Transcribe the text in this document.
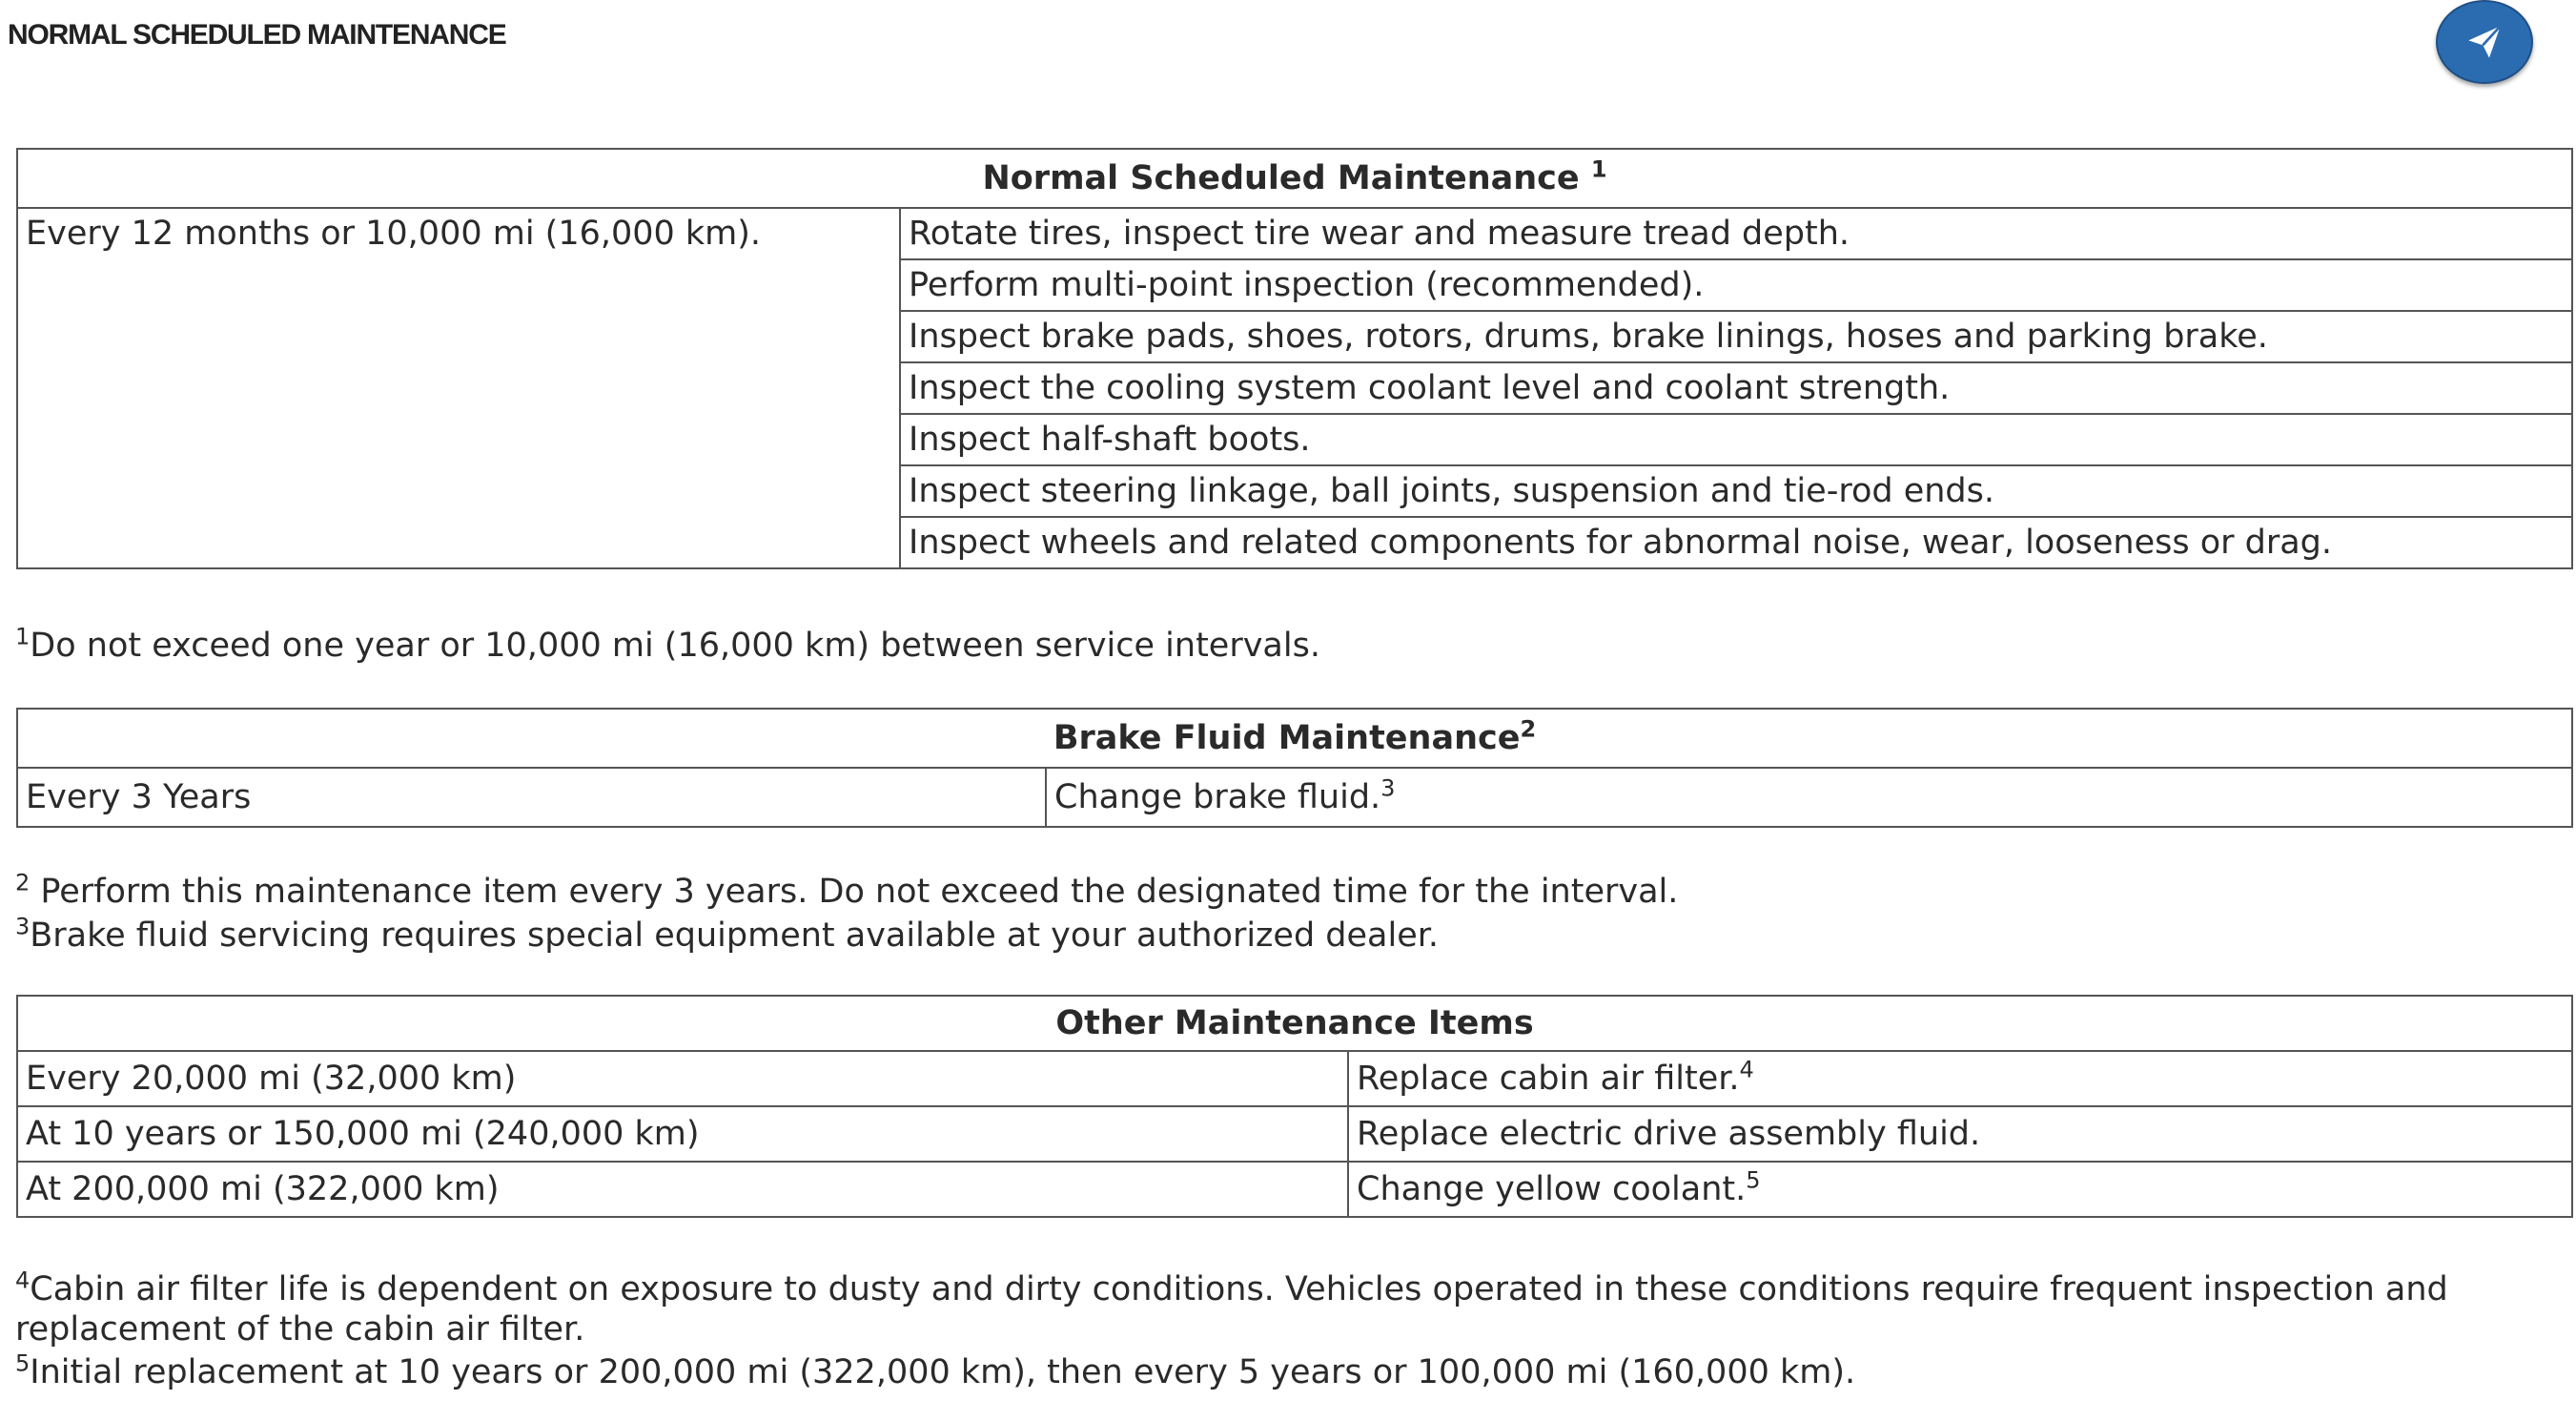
NORMAL SCHEDULED MAINTENANCE
Normal Scheduled Maintenance $^1$
Every 12 months or 10,000 mi (16,000 km).	Rotate tires, inspect tire wear and measure tread depth.
Perform multi-point inspection (recommended).
Inspect brake pads, shoes, rotors, drums, brake linings, hoses and parking brake.
Inspect the cooling system coolant level and coolant strength.
Inspect half-shaft boots.
Inspect steering linkage, ball joints, suspension and tie-rod ends.
Inspect wheels and related components for abnormal noise, wear, looseness or drag.

$^1$Do not exceed one year or 10,000 mi (16,000 km) between service intervals.

Brake Fluid Maintenance$^2$
Every 3 Years	Change brake fluid.$^3$

$^2$ Perform this maintenance item every 3 years. Do not exceed the designated time for the interval.

$^3$Brake fluid servicing requires special equipment available at your authorized dealer.

Other Maintenance Items	
Every 20,000 mi (32,000 km)	Replace cabin air filter.$^4$
At 10 years or 150,000 mi (240,000 km)	Replace electric drive assembly fluid.
At 200,000 mi (322,000 km)	Change yellow coolant.$^5$

$^4$Cabin air filter life is dependent on exposure to dusty and dirty conditions. Vehicles operated in these conditions require frequent inspection and replacement of the cabin air filter.

$^5$Initial replacement at 10 years or 200,000 mi (322,000 km), then every 5 years or 100,000 mi (160,000 km).
